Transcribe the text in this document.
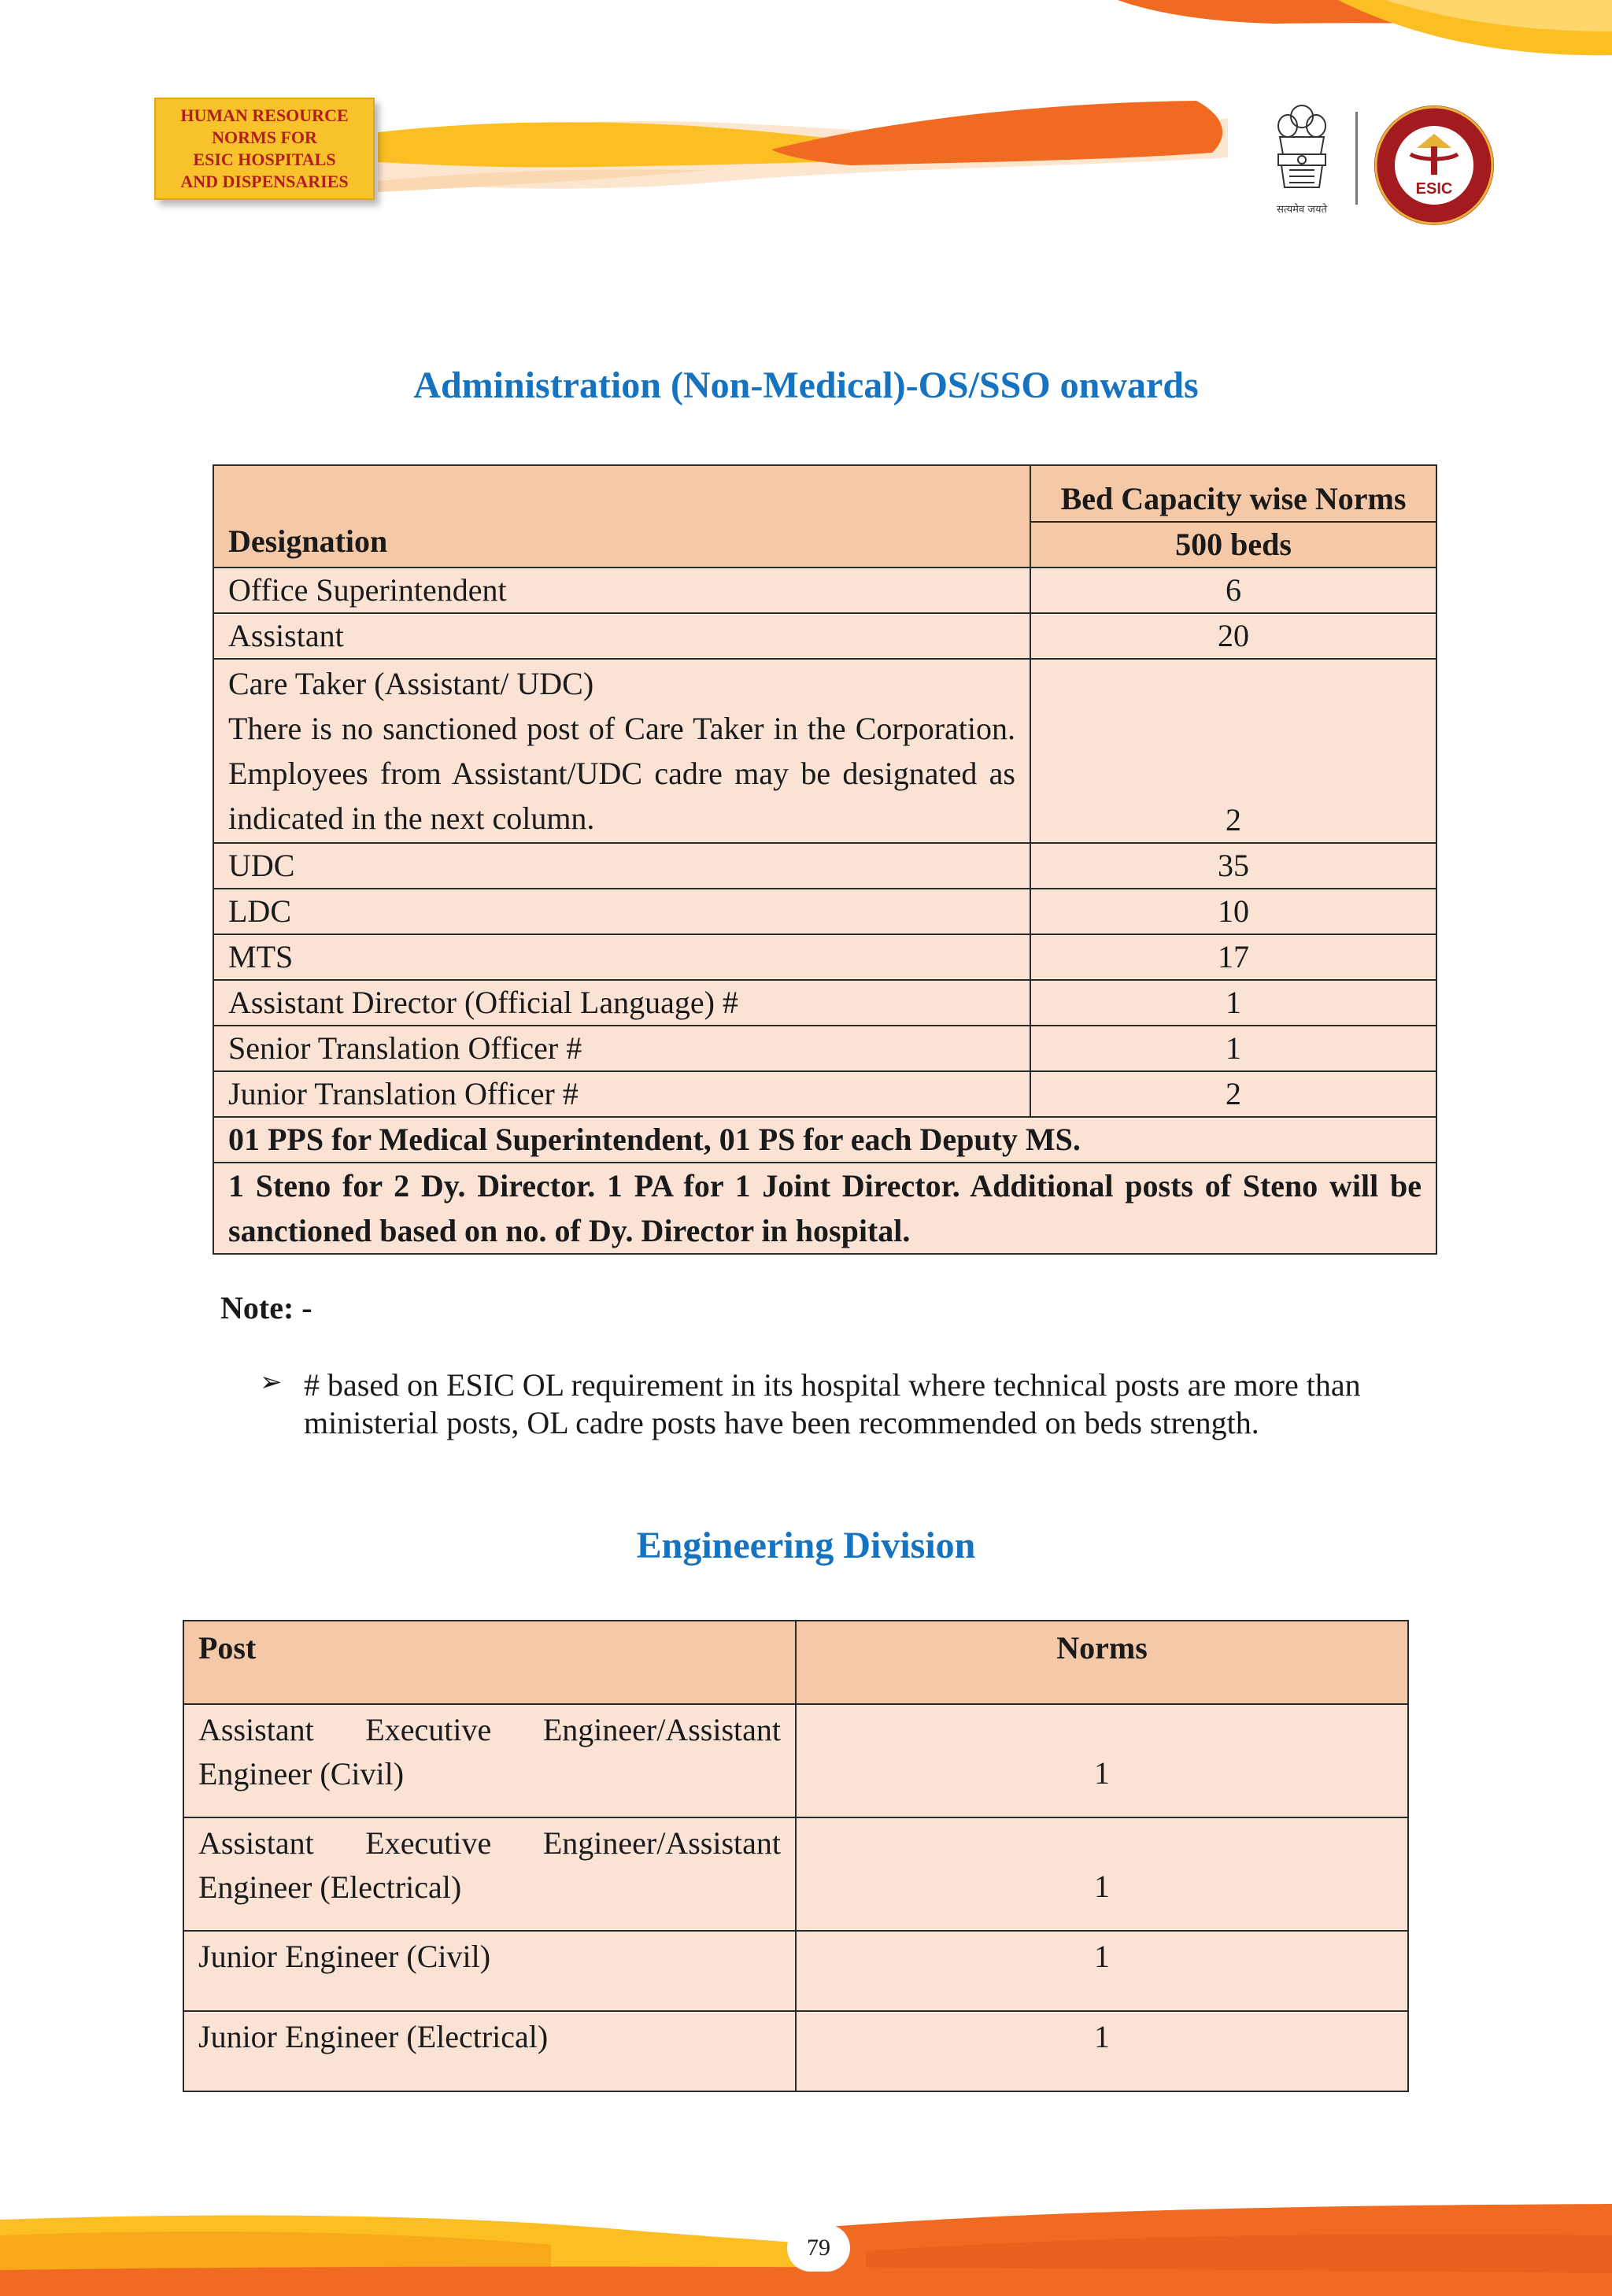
HUMAN RESOURCE
NORMS FOR
ESIC HOSPITALS
AND DISPENSARIES
सत्यमेव जयते
ESIC
Administration (Non-Medical)-OS/SSO onwards
Designation	Bed Capacity wise Norms
	500 beds
Office Superintendent	6
Assistant	20

Care Taker (Assistant/ UDC)
There is no sanctioned post of Care Taker in the Corporation. Employees from Assistant/UDC cadre may be designated as indicated in the next column.	2
UDC	35
LDC	10
MTS	17
Assistant Director (Official Language) #	1
Senior Translation Officer #	1
Junior Translation Officer #	2
01 PPS for Medical Superintendent, 01 PS for each Deputy MS.	
1 Steno for 2 Dy. Director. 1 PA for 1 Joint Director. Additional posts of Steno will be sanctioned based on no. of Dy. Director in hospital.	
Note: -
➢ # based on ESIC OL requirement in its hospital where technical posts are more than ministerial posts, OL cadre posts have been recommended on beds strength.
Engineering Division
Post	Norms
Assistant Executive Engineer/Assistant Engineer (Civil)	1
Assistant Executive Engineer/Assistant Engineer (Electrical)	1
Junior Engineer (Civil)	1
Junior Engineer (Electrical)	1
79
